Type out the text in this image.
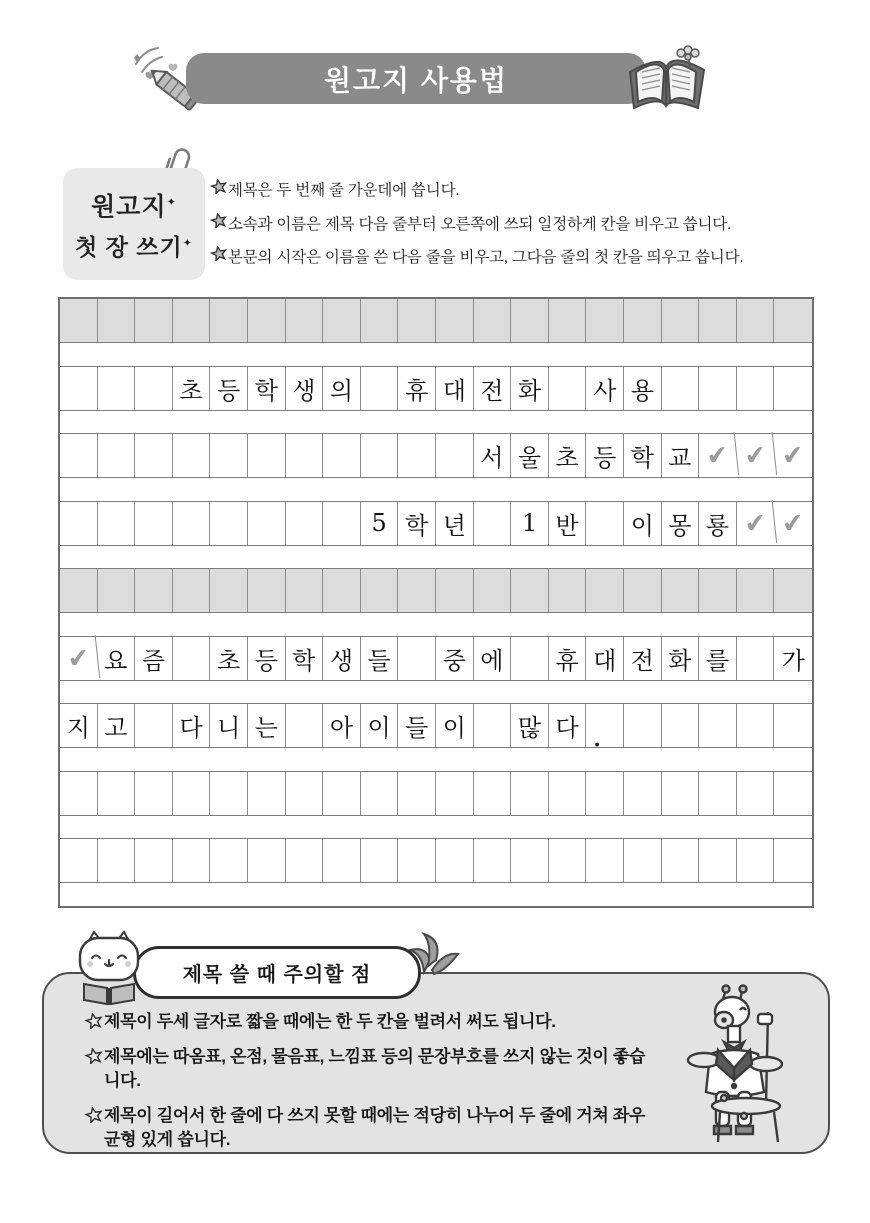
원고지 사용법
원고지✦
첫 장 쓰기✦
제목은 두 번째 줄 가운데에 씁니다.
소속과 이름은 제목 다음 줄부터 오른쪽에 쓰되 일정하게 칸을 비우고 씁니다.
본문의 시작은 이름을 쓴 다음 줄을 비우고, 그다음 줄의 첫 칸을 띄우고 씁니다.
초 등 학 생 의	휴 대 전 화	사 용
서 울 초 등 학 교 ✔ ✔ ✔
5 학 년	1 반	이 몽 룡 ✔ ✔
✔ 요 즘	초 등 학 생 들	중 에	휴 대 전 화 를	가
지 고	다 니 는	아 이 들 이	많 다 .
제목 쓸 때 주의할 점
제목이 두세 글자로 짧을 때에는 한 두 칸을 벌려서 써도 됩니다.
제목에는 따옴표, 온점, 물음표, 느낌표 등의 문장부호를 쓰지 않는 것이 좋습니다.
제목이 길어서 한 줄에 다 쓰지 못할 때에는 적당히 나누어 두 줄에 거쳐 좌우 균형 있게 씁니다.
